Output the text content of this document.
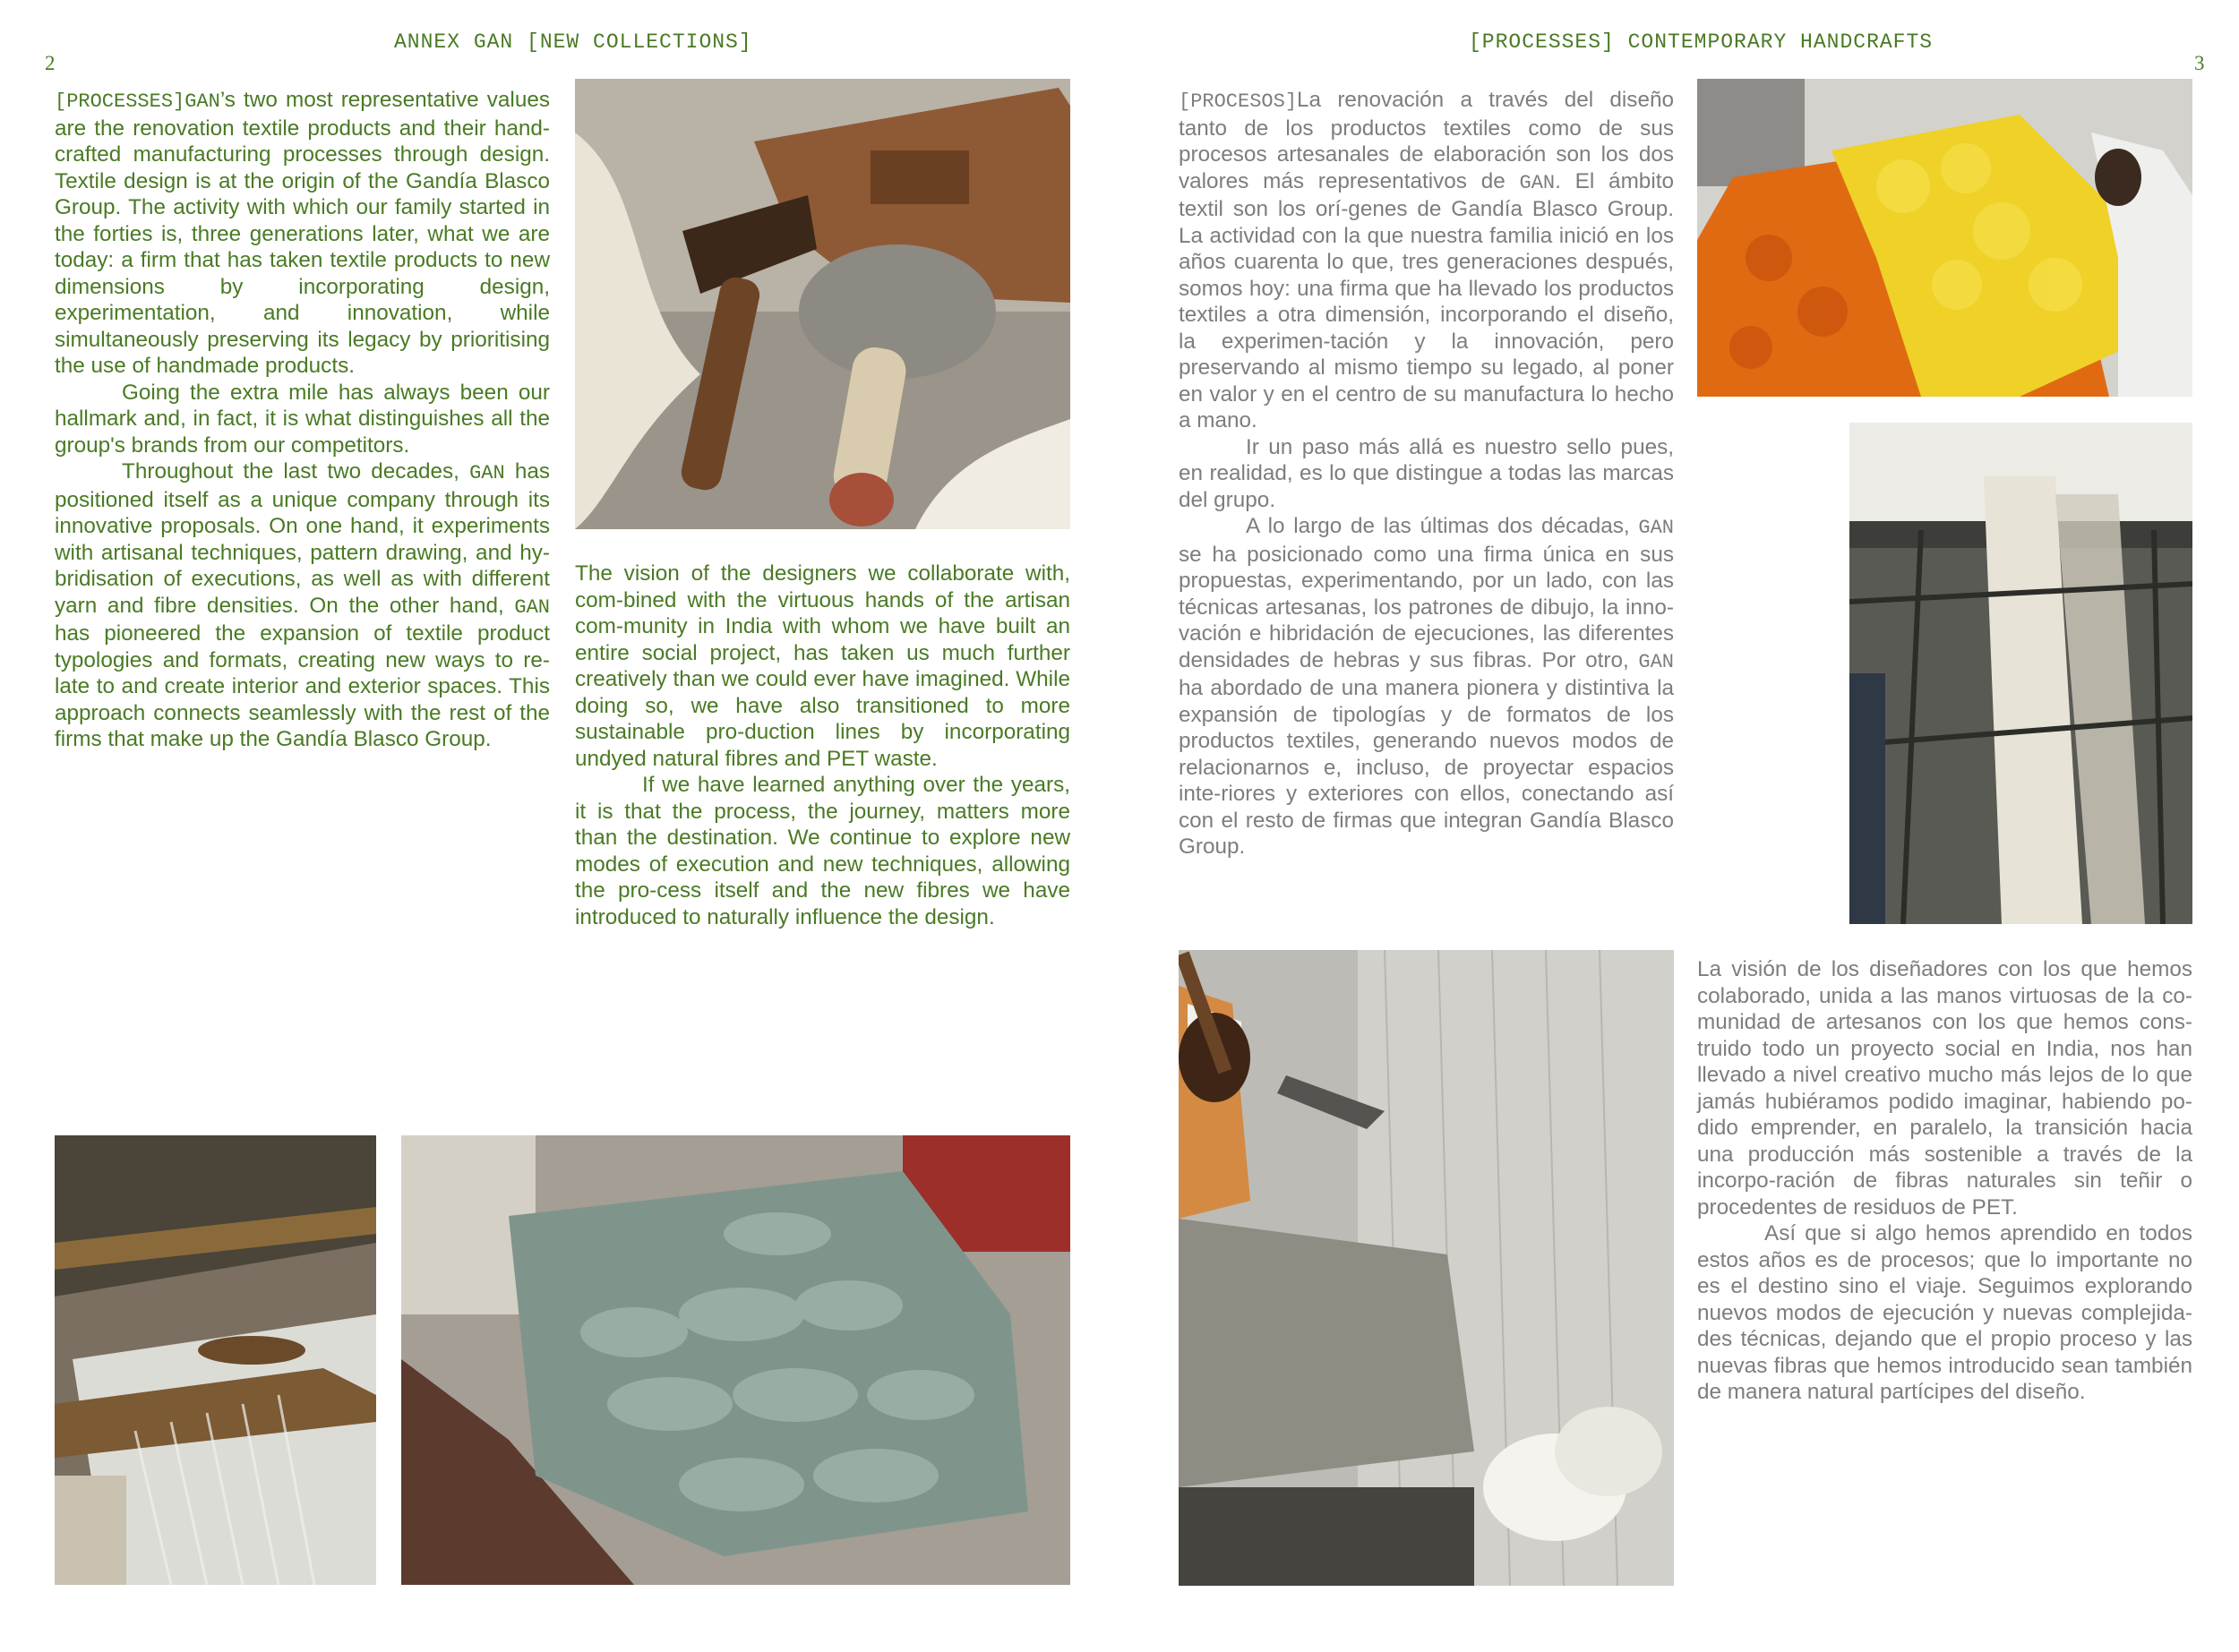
ANNEX GAN [NEW COLLECTIONS]
2

[PROCESSES]GAN’s two most representative values are the renovation textile products and their hand-crafted manufacturing processes through design. Textile design is at the origin of the Gandía Blasco Group. The activity with which our family started in the forties is, three generations later, what we are today: a firm that has taken textile products to new dimensions by incorporating design, experimentation, and innovation, while simultaneously preserving its legacy by prioritising the use of handmade products.

Going the extra mile has always been our hallmark and, in fact, it is what distinguishes all the group's brands from our competitors.

Throughout the last two decades, GAN has positioned itself as a unique company through its innovative proposals. On one hand, it experiments with artisanal techniques, pattern drawing, and hy-bridisation of executions, as well as with different yarn and fibre densities. On the other hand, GAN has pioneered the expansion of textile product typologies and formats, creating new ways to re-late to and create interior and exterior spaces. This approach connects seamlessly with the rest of the firms that make up the Gandía Blasco Group.

The vision of the designers we collaborate with, com-bined with the virtuous hands of the artisan com-munity in India with whom we have built an entire social project, has taken us much further creatively than we could ever have imagined. While doing so, we have also transitioned to more sustainable pro-duction lines by incorporating undyed natural fibres and PET waste.

If we have learned anything over the years, it is that the process, the journey, matters more than the destination. We continue to explore new modes of execution and new techniques, allowing the pro-cess itself and the new fibres we have introduced to naturally influence the design.

[PROCESSES] CONTEMPORARY HANDCRAFTS
3

[PROCESOS]La renovación a través del diseño tanto de los productos textiles como de sus procesos artesanales de elaboración son los dos valores más representativos de GAN. El ámbito textil son los orí-genes de Gandía Blasco Group. La actividad con la que nuestra familia inició en los años cuarenta lo que, tres generaciones después, somos hoy: una firma que ha llevado los productos textiles a otra dimensión, incorporando el diseño, la experimen-tación y la innovación, pero preservando al mismo tiempo su legado, al poner en valor y en el centro de su manufactura lo hecho a mano.

Ir un paso más allá es nuestro sello pues, en realidad, es lo que distingue a todas las marcas del grupo.

A lo largo de las últimas dos décadas, GAN se ha posicionado como una firma única en sus propuestas, experimentando, por un lado, con las técnicas artesanas, los patrones de dibujo, la inno-vación e hibridación de ejecuciones, las diferentes densidades de hebras y sus fibras. Por otro, GAN ha abordado de una manera pionera y distintiva la expansión de tipologías y de formatos de los productos textiles, generando nuevos modos de relacionarnos e, incluso, de proyectar espacios inte-riores y exteriores con ellos, conectando así con el resto de firmas que integran Gandía Blasco Group.

La visión de los diseñadores con los que hemos colaborado, unida a las manos virtuosas de la co-munidad de artesanos con los que hemos cons-truido todo un proyecto social en India, nos han llevado a nivel creativo mucho más lejos de lo que jamás hubiéramos podido imaginar, habiendo po-dido emprender, en paralelo, la transición hacia una producción más sostenible a través de la incorpo-ración de fibras naturales sin teñir o procedentes de residuos de PET.

Así que si algo hemos aprendido en todos estos años es de procesos; que lo importante no es el destino sino el viaje. Seguimos explorando nuevos modos de ejecución y nuevas complejida-des técnicas, dejando que el propio proceso y las nuevas fibras que hemos introducido sean también de manera natural partícipes del diseño.
